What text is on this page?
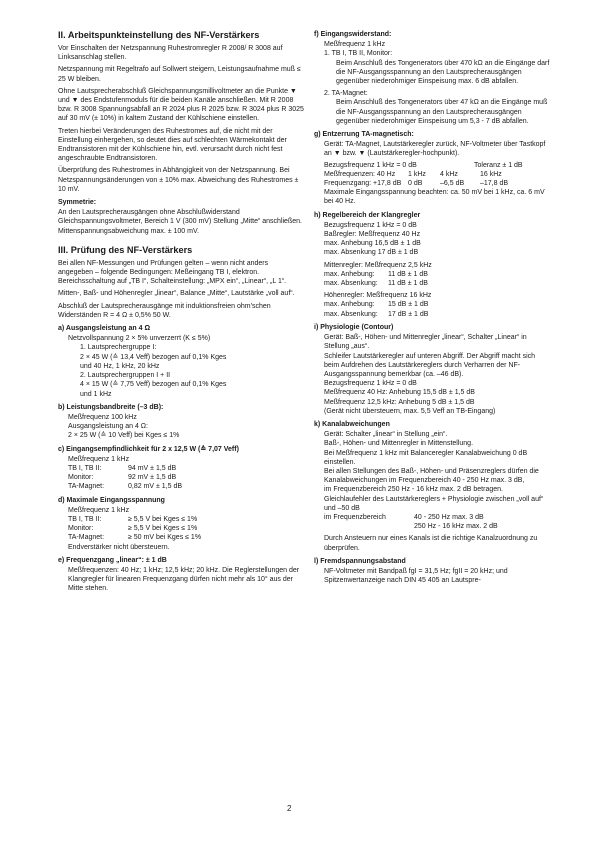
II. Arbeitspunkteinstellung des NF-Verstärkers

Vor Einschalten der Netzspannung Ruhestromregler R 2008/ R 3008 auf Linksanschlag stellen.

Netzspannung mit Regeltrafo auf Sollwert steigern, Leistungsaufnahme muß ≤ 25 W bleiben.

Ohne Lautsprecherabschluß Gleichspannungsmillivoltmeter an die Punkte ▼ und ▼ des Endstufenmoduls für die beiden Kanäle anschließen. Mit R 2008 bzw. R 3008 Spannungsabfall an R 2024 plus R 2025 bzw. R 3024 plus R 3025 auf 30 mV (± 10%) in kaltem Zustand der Kühlschiene einstellen.

Treten hierbei Veränderungen des Ruhestromes auf, die nicht mit der Einstellung einhergehen, so deutet dies auf schlechten Wärmekontakt der Endtransistoren mit der Kühlschiene hin, evtl. verursacht durch nicht fest angeschraubte Endtransistoren.

Überprüfung des Ruhestromes in Abhängigkeit von der Netzspannung. Bei Netzspannungsänderungen von ± 10% max. Abweichung des Ruhestromes ± 10 mV.

Symmetrie:

An den Lautsprecherausgängen ohne Abschlußwiderstand Gleichspannungsvoltmeter, Bereich 1 V (300 mV) Stellung „Mitte“ anschließen. Mittenspannungsabweichung max. ± 100 mV.

III. Prüfung des NF-Verstärkers

Bei allen NF-Messungen und Prüfungen gelten – wenn nicht anders angegeben – folgende Bedingungen: Meßeingang TB I, elektron. Bereichsschaltung auf „TB I“, Schalteinstellung: „MPX ein“, „Linear“, „L 1“.

Mitten-, Baß- und Höhenregler „linear“, Balance „Mitte“, Lautstärke „voll auf“.

Abschluß der Lautsprecherausgänge mit induktionsfreien ohm'schen Widerständen R = 4 Ω ± 0,5% 50 W.

a) Ausgangsleistung an 4 Ω
Netzvollspannung 2 × 5% unverzerrt (K ≤ 5%)
1. Lautsprechergruppe I:
2 × 45 W (≙ 13,4 Veff) bezogen auf 0,1% Kges
und 40 Hz, 1 kHz, 20 kHz
2. Lautsprechergruppen I + II
4 × 15 W (≙ 7,75 Veff) bezogen auf 0,1% Kges
und 1 kHz
b) Leistungsbandbreite (–3 dB):
Meßfrequenz 100 kHz
Ausgangsleistung an 4 Ω:
2 × 25 W (≙ 10 Veff) bei Kges ≤ 1%
c) Eingangsempfindlichkeit für 2 x 12,5 W (≙ 7,07 Veff)
Meßfrequenz 1 kHz
TB I, TB II:	94 mV ± 1,5 dB
Monitor:	92 mV ± 1,5 dB
TA-Magnet:	0,82 mV ± 1,5 dB
d) Maximale Eingangsspannung
Meßfrequenz 1 kHz
TB I, TB II:	≥ 5,5 V bei Kges ≤ 1%
Monitor:	≥ 5,5 V bei Kges ≤ 1%
TA-Magnet:	≥ 50 mV bei Kges ≤ 1%
Endverstärker nicht übersteuern.
e) Frequenzgang „linear“: ± 1 dB
Meßfrequenzen: 40 Hz; 1 kHz; 12,5 kHz; 20 kHz. Die Reglerstellungen der Klangregler für linearen Frequenzgang dürfen nicht mehr als 10° aus der Mitte stehen.
f) Eingangswiderstand:
Meßfrequenz 1 kHz
1. TB I, TB II, Monitor:
Beim Anschluß des Tongenerators über 470 kΩ an die Eingänge darf die NF-Ausgangsspannung an den Lautsprecherausgängen gegenüber niederohmiger Einspeisung max. 6 dB abfallen.
2. TA-Magnet:
Beim Anschluß des Tongenerators über 47 kΩ an die Eingänge muß die NF-Ausgangsspannung an den Lautsprecherausgängen gegenüber niederohmiger Einspeisung um 5,3 - 7 dB abfallen.
g) Entzerrung TA-magnetisch:
Gerät: TA-Magnet, Lautstärkeregler zurück, NF-Voltmeter über Tastkopf an ▼ bzw. ▼ (Lautstärkeregler-hochpunkt).
Bezugsfrequenz 1 kHz = 0 dB	Toleranz ± 1 dB
Meßfrequenzen: 40 Hz	1 kHz	4 kHz	16 kHz
Frequenzgang: +17,8 dB 0 dB	–6,5 dB	–17,8 dB
Maximale Eingangsspannung beachten: ca. 50 mV bei 1 kHz, ca. 6 mV bei 40 Hz.
h) Regelbereich der Klangregler
Bezugsfrequenz 1 kHz = 0 dB
Baßregler: Meßfrequenz 40 Hz
max. Anhebung 16,5 dB ± 1 dB
max. Absenkung 17 dB ± 1 dB
Mittenregler: Meßfrequenz 2,5 kHz
max. Anhebung:	11 dB ± 1 dB
max. Absenkung:	11 dB ± 1 dB
Höhenregler: Meßfrequenz 16 kHz
max. Anhebung:	15 dB ± 1 dB
max. Absenkung:	17 dB ± 1 dB
i) Physiologie (Contour)
Gerät: Baß-, Höhen- und Mittenregler „linear“, Schalter „Linear“ in Stellung „aus“.
Schleifer Lautstärkeregler auf unteren Abgriff. Der Abgriff macht sich beim Aufdrehen des Lautstärkereglers durch Verharren der NF-Ausgangsspannung bemerkbar (ca. –46 dB).
Bezugsfrequenz 1 kHz = 0 dB
Meßfrequenz 40 Hz: Anhebung 15,5 dB ± 1,5 dB
Meßfrequenz 12,5 kHz: Anhebung 5 dB ± 1,5 dB
(Gerät nicht übersteuern, max. 5,5 Veff an TB-Eingang)
k) Kanalabweichungen
Gerät: Schalter „linear“ in Stellung „ein“.
Baß-, Höhen- und Mittenregler in Mittenstellung.
Bei Meßfrequenz 1 kHz mit Balanceregler Kanalabweichung 0 dB einstellen.
Bei allen Stellungen des Baß-, Höhen- und Präsenzreglers dürfen die Kanalabweichungen im Frequenzbereich 40 - 250 Hz max. 3 dB,
im Frequenzbereich 250 Hz - 16 kHz max. 2 dB betragen.
Gleichlaufehler des Lautstärkereglers + Physiologie zwischen „voll auf“ und –50 dB
im Frequenzbereich	40 - 250 Hz max. 3 dB
250 Hz - 16 kHz max. 2 dB
Durch Ansteuern nur eines Kanals ist die richtige Kanalzuordnung zu überprüfen.
l) Fremdspannungsabstand
NF-Voltmeter mit Bandpaß fgI = 31,5 Hz; fgII = 20 kHz; und Spitzenwertanzeige nach DIN 45 405 an Lautspre-
2
